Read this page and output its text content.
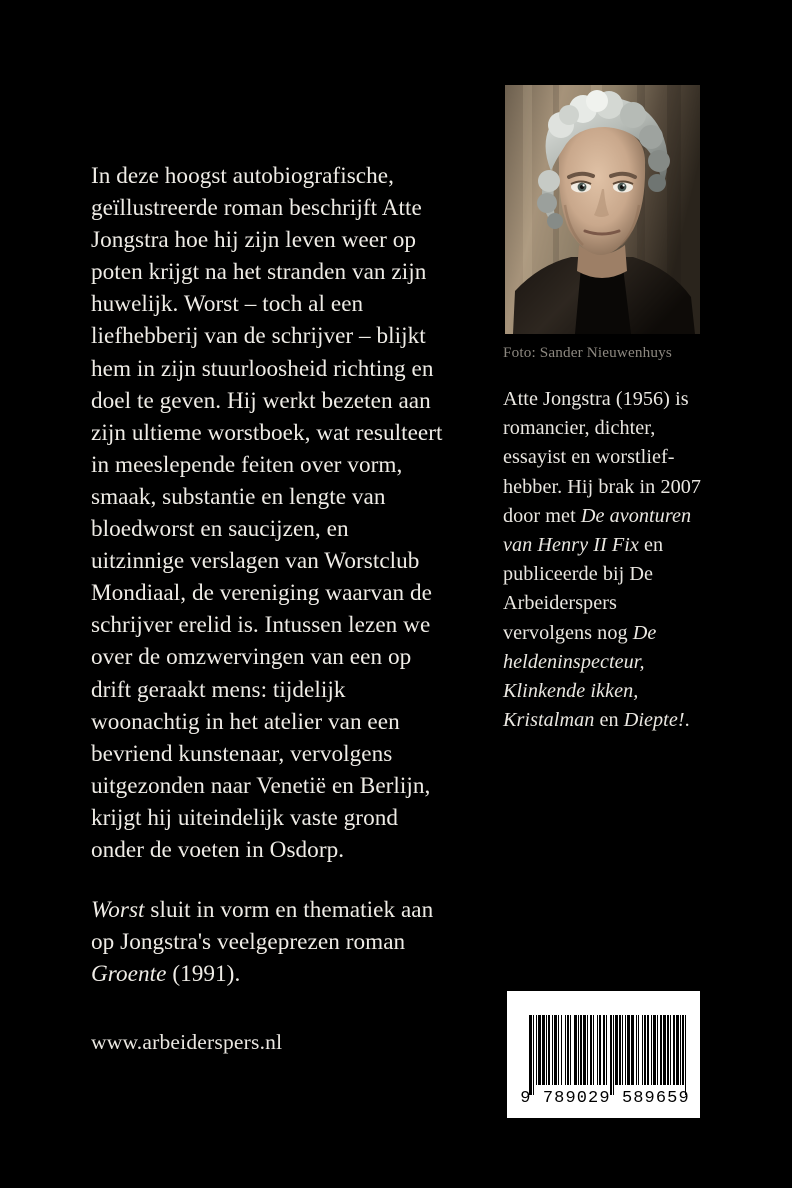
In deze hoogst autobiografische, geïllustreerde roman beschrijft Atte Jongstra hoe hij zijn leven weer op poten krijgt na het stranden van zijn huwelijk. Worst – toch al een liefhebberij van de schrijver – blijkt hem in zijn stuurloosheid richting en doel te geven. Hij werkt bezeten aan zijn ultieme worstboek, wat resulteert in meeslepende feiten over vorm, smaak, substantie en lengte van bloedworst en saucijzen, en uitzinnige verslagen van Worstclub Mondiaal, de vereniging waarvan de schrijver erelid is. Intussen lezen we over de omzwervingen van een op drift geraakt mens: tijdelijk woonachtig in het atelier van een bevriend kunstenaar, vervolgens uitgezonden naar Venetië en Berlijn, krijgt hij uiteindelijk vaste grond onder de voeten in Osdorp.

Worst sluit in vorm en thematiek aan op Jongstra's veelgeprezen roman Groente (1991).

www.arbeiderspers.nl
Foto: Sander Nieuwenhuys

Atte Jongstra (1956) is romancier, dichter, essayist en worstlief- hebber. Hij brak in 2007 door met De avonturen van Henry II Fix en publiceerde bij De Arbeiderspers vervolgens nog De heldeninspecteur, Klinkende ikken, Kristalman en Diepte!.

9 789029 589659
